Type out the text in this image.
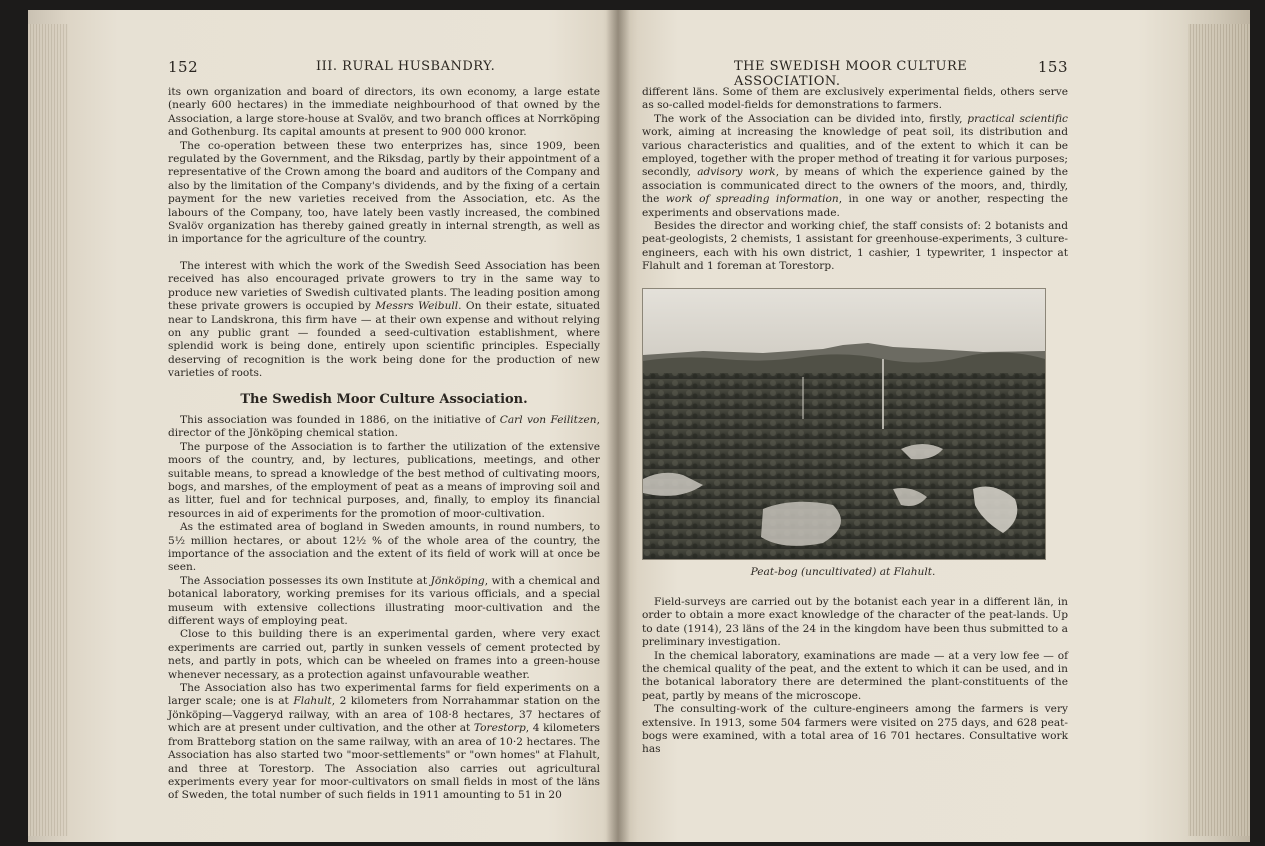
152	III. RURAL HUSBANDRY.

its own organization and board of directors, its own economy, a large estate (nearly 600 hectares) in the immediate neighbourhood of that owned by the Association, a large store-house at Svalöv, and two branch offices at Norrköping and Gothenburg. Its capital amounts at present to 900 000 kronor.

The co-operation between these two enterprizes has, since 1909, been regulated by the Government, and the Riksdag, partly by their appointment of a representative of the Crown among the board and auditors of the Company and also by the limitation of the Company's dividends, and by the fixing of a certain payment for the new varieties received from the Association, etc. As the labours of the Company, too, have lately been vastly increased, the combined Svalöv organization has thereby gained greatly in internal strength, as well as in importance for the agriculture of the country.

The interest with which the work of the Swedish Seed Association has been received has also encouraged private growers to try in the same way to produce new varieties of Swedish cultivated plants. The leading position among these private growers is occupied by Messrs Weibull. On their estate, situated near to Landskrona, this firm have — at their own expense and without relying on any public grant — founded a seed-cultivation establishment, where splendid work is being done, entirely upon scientific principles. Especially deserving of recognition is the work being done for the production of new varieties of roots.

The Swedish Moor Culture Association.

This association was founded in 1886, on the initiative of Carl von Feilitzen, director of the Jönköping chemical station.

The purpose of the Association is to farther the utilization of the extensive moors of the country, and, by lectures, publications, meetings, and other suitable means, to spread a knowledge of the best method of cultivating moors, bogs, and marshes, of the employment of peat as a means of improving soil and as litter, fuel and for technical purposes, and, finally, to employ its financial resources in aid of experiments for the promotion of moor-cultivation.

As the estimated area of bogland in Sweden amounts, in round numbers, to 5½ million hectares, or about 12½ % of the whole area of the country, the importance of the association and the extent of its field of work will at once be seen.

The Association possesses its own Institute at Jönköping, with a chemical and botanical laboratory, working premises for its various officials, and a special museum with extensive collections illustrating moor-cultivation and the different ways of employing peat.

Close to this building there is an experimental garden, where very exact experiments are carried out, partly in sunken vessels of cement protected by nets, and partly in pots, which can be wheeled on frames into a green-house whenever necessary, as a protection against unfavourable weather.

The Association also has two experimental farms for field experiments on a larger scale; one is at Flahult, 2 kilometers from Norrahammar station on the Jönköping—Vaggeryd railway, with an area of 108·8 hectares, 37 hectares of which are at present under cultivation, and the other at Torestorp, 4 kilometers from Bratteborg station on the same railway, with an area of 10·2 hectares. The Association has also started two "moor-settlements" or "own homes" at Flahult, and three at Torestorp. The Association also carries out agricultural experiments every year for moor-cultivators on small fields in most of the läns of Sweden, the total number of such fields in 1911 amounting to 51 in 20

THE SWEDISH MOOR CULTURE ASSOCIATION.
153

different läns. Some of them are exclusively experimental fields, others serve as so-called model-fields for demonstrations to farmers.

The work of the Association can be divided into, firstly, practical scientific work, aiming at increasing the knowledge of peat soil, its distribution and various characteristics and qualities, and of the extent to which it can be employed, together with the proper method of treating it for various purposes; secondly, advisory work, by means of which the experience gained by the association is communicated direct to the owners of the moors, and, thirdly, the work of spreading information, in one way or another, respecting the experiments and observations made.

Besides the director and working chief, the staff consists of: 2 botanists and peat-geologists, 2 chemists, 1 assistant for greenhouse-experiments, 3 culture-engineers, each with his own district, 1 cashier, 1 typewriter, 1 inspector at Flahult and 1 foreman at Torestorp.

Peat-bog (uncultivated) at Flahult.

Field-surveys are carried out by the botanist each year in a different län, in order to obtain a more exact knowledge of the character of the peat-lands. Up to date (1914), 23 läns of the 24 in the kingdom have been thus submitted to a preliminary investigation.

In the chemical laboratory, examinations are made — at a very low fee — of the chemical quality of the peat, and the extent to which it can be used, and in the botanical laboratory there are determined the plant-constituents of the peat, partly by means of the microscope.

The consulting-work of the culture-engineers among the farmers is very extensive. In 1913, some 504 farmers were visited on 275 days, and 628 peat-bogs were examined, with a total area of 16 701 hectares. Consultative work has
